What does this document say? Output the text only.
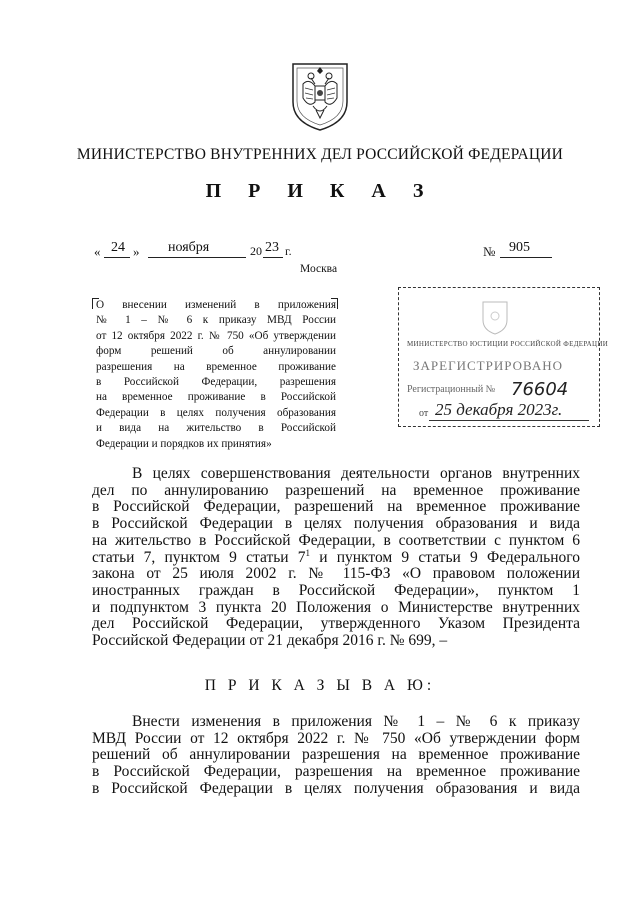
МИНИСТЕРСТВО ВНУТРЕННИХ ДЕЛ РОССИЙСКОЙ ФЕДЕРАЦИИ
П Р И К А З
« 24 » ноября	20 23 г.	№ 905
Москва
О внесении изменений в приложения
№ 1 – № 6 к приказу МВД России
от 12 октября 2022 г. № 750 «Об утверждении
форм решений об аннулировании
разрешения на временное проживание
в Российской Федерации, разрешения
на временное проживание в Российской
Федерации в целях получения образования
и вида на жительство в Российской
Федерации и порядков их принятия»
МИНИСТЕРСТВО ЮСТИЦИИ РОССИЙСКОЙ ФЕДЕРАЦИИ
ЗАРЕГИСТРИРОВАНО
Регистрационный № 76604
от 25 декабря 2023г.
В целях совершенствования деятельности органов внутренних
дел по аннулированию разрешений на временное проживание
в Российской Федерации, разрешений на временное проживание
в Российской Федерации в целях получения образования и вида
на жительство в Российской Федерации, в соответствии с пунктом 6
статьи 7, пунктом 9 статьи $7^1$ и пунктом 9 статьи 9 Федерального
закона от 25 июля 2002 г. № 115-ФЗ «О правовом положении
иностранных граждан в Российской Федерации», пунктом 1
и подпунктом 3 пункта 20 Положения о Министерстве внутренних
дел Российской Федерации, утвержденного Указом Президента
Российской Федерации от 21 декабря 2016 г. № 699, –
П Р И К А З Ы В А Ю:
Внести изменения в приложения № 1 – № 6 к приказу
МВД России от 12 октября 2022 г. № 750 «Об утверждении форм
решений об аннулировании разрешения на временное проживание
в Российской Федерации, разрешения на временное проживание
в Российской Федерации в целях получения образования и вида
